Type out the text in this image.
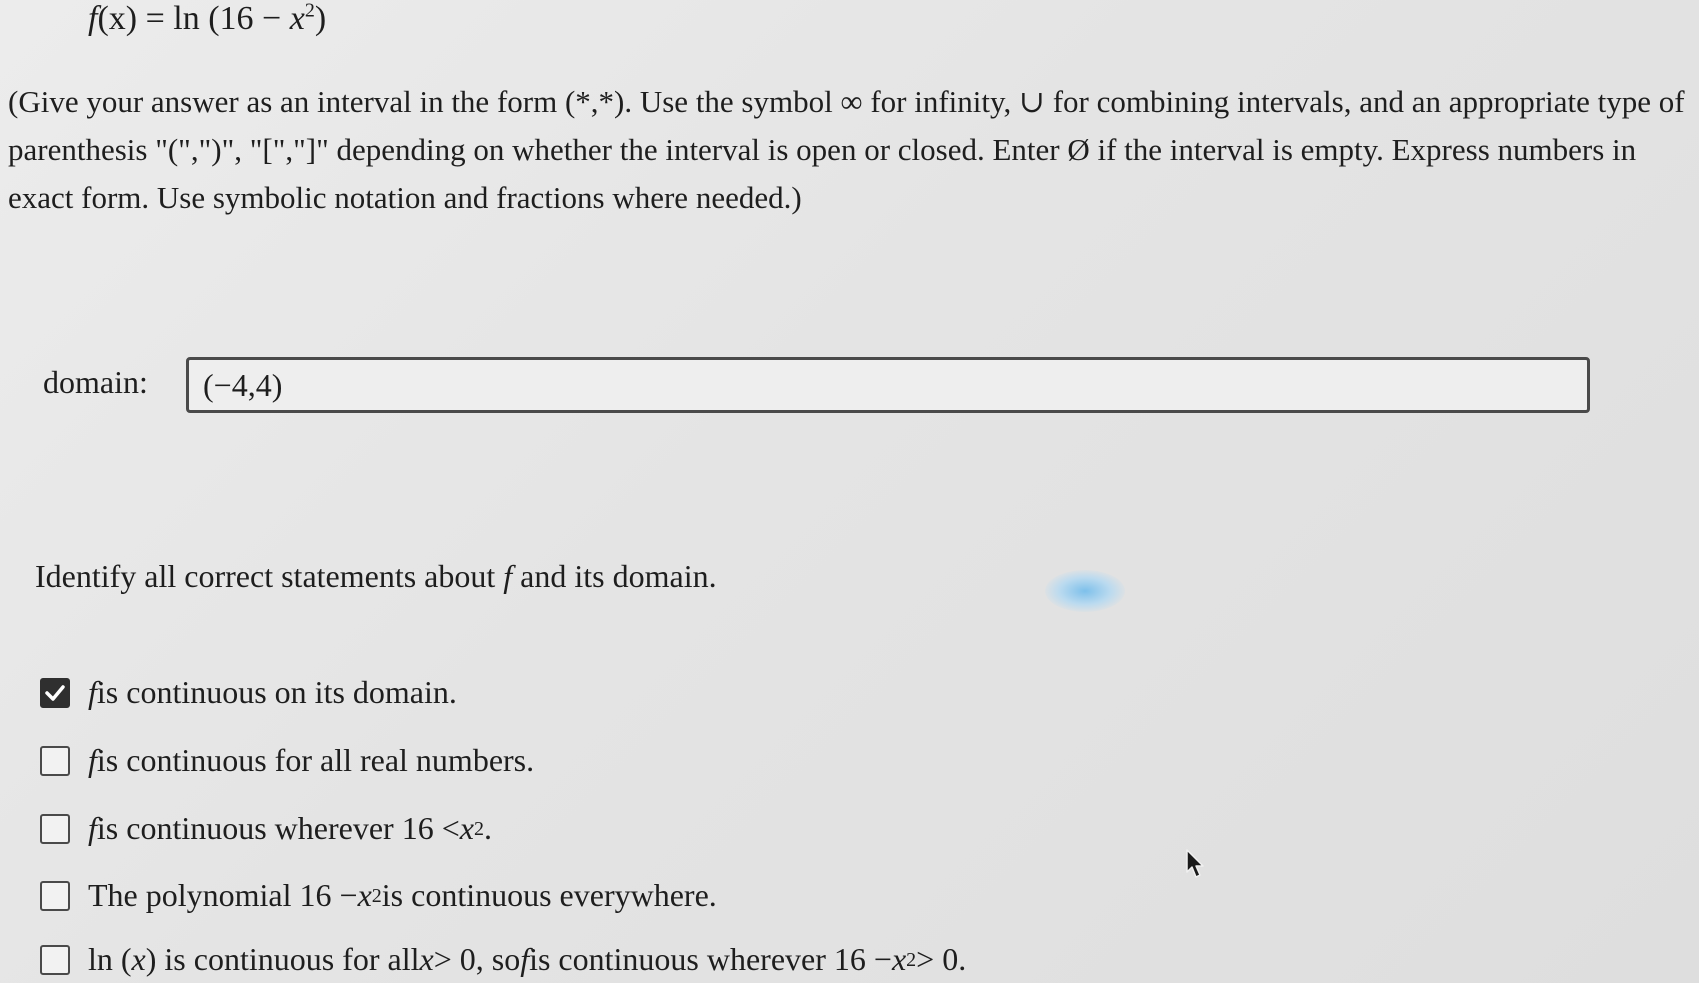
$f(x) = \ln (16 - x^2)$
(Give your answer as an interval in the form (*,*). Use the symbol ∞ for infinity, ∪ for combining intervals, and an appropriate type of parenthesis "(",")", "[","]" depending on whether the interval is open or closed. Enter Ø if the interval is empty. Express numbers in exact form. Use symbolic notation and fractions where needed.)
domain:
(−4,4)
Identify all correct statements about f and its domain.
f is continuous on its domain.
f is continuous for all real numbers.
f is continuous wherever 16 < x 2 .
The polynomial 16 − x 2 is continuous everywhere.
ln ( x ) is continuous for all x > 0, so f is continuous wherever 16 − x 2 > 0.
